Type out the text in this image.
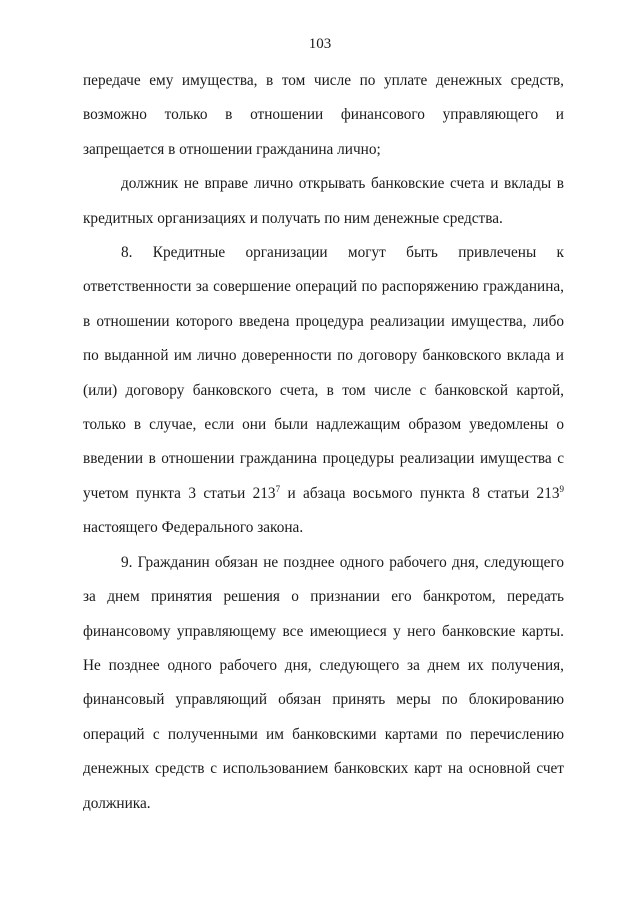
103

передаче ему имущества, в том числе по уплате денежных средств, возможно только в отношении финансового управляющего и запрещается в отношении гражданина лично;

должник не вправе лично открывать банковские счета и вклады в кредитных организациях и получать по ним денежные средства.

8. Кредитные организации могут быть привлечены к ответственности за совершение операций по распоряжению гражданина, в отношении которого введена процедура реализации имущества, либо по выданной им лично доверенности по договору банковского вклада и (или) договору банковского счета, в том числе с банковской картой, только в случае, если они были надлежащим образом уведомлены о введении в отношении гражданина процедуры реализации имущества с учетом пункта 3 статьи $213^7$ и абзаца восьмого пункта 8 статьи $213^9$ настоящего Федерального закона.

9. Гражданин обязан не позднее одного рабочего дня, следующего за днем принятия решения о признании его банкротом, передать финансовому управляющему все имеющиеся у него банковские карты. Не позднее одного рабочего дня, следующего за днем их получения, финансовый управляющий обязан принять меры по блокированию операций с полученными им банковскими картами по перечислению денежных средств с использованием банковских карт на основной счет должника.
